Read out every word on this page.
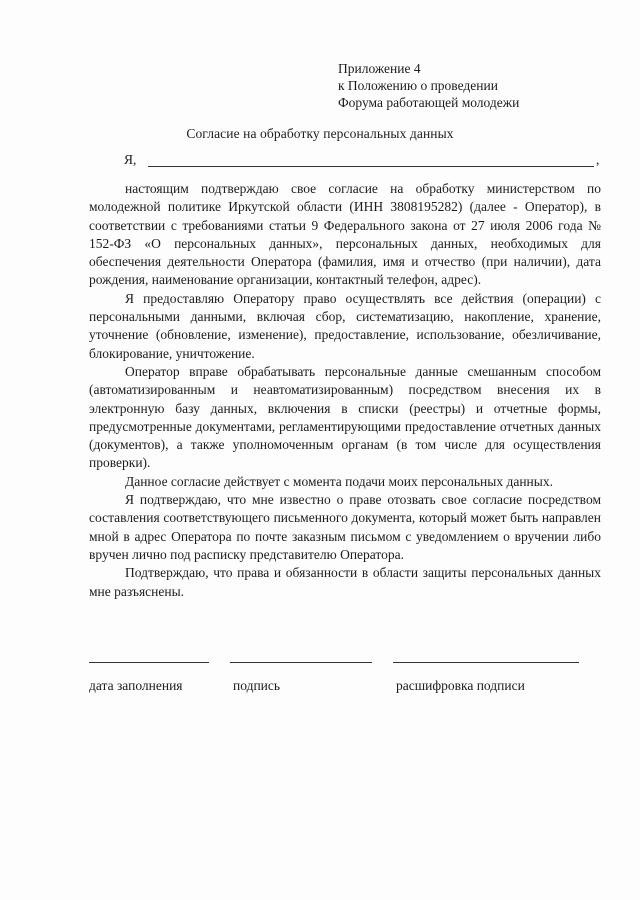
Приложение 4
к Положению о проведении
Форума работающей молодежи
Согласие на обработку персональных данных
Я,	,

настоящим подтверждаю свое согласие на обработку министерством по молодежной политике Иркутской области (ИНН 3808195282) (далее - Оператор), в соответствии с требованиями статьи 9 Федерального закона от 27 июля 2006 года № 152-ФЗ «О персональных данных», персональных данных, необходимых для обеспечения деятельности Оператора (фамилия, имя и отчество (при наличии), дата рождения, наименование организации, контактный телефон, адрес).

Я предоставляю Оператору право осуществлять все действия (операции) с персональными данными, включая сбор, систематизацию, накопление, хранение, уточнение (обновление, изменение), предоставление, использование, обезличивание, блокирование, уничтожение.

Оператор вправе обрабатывать персональные данные смешанным способом (автоматизированным и неавтоматизированным) посредством внесения их в электронную базу данных, включения в списки (реестры) и отчетные формы, предусмотренные документами, регламентирующими предоставление отчетных данных (документов), а также уполномоченным органам (в том числе для осуществления проверки).

Данное согласие действует с момента подачи моих персональных данных.

Я подтверждаю, что мне известно о праве отозвать свое согласие посредством составления соответствующего письменного документа, который может быть направлен мной в адрес Оператора по почте заказным письмом с уведомлением о вручении либо вручен лично под расписку представителю Оператора.

Подтверждаю, что права и обязанности в области защиты персональных данных мне разъяснены.

дата заполнения	подпись	расшифровка подписи
